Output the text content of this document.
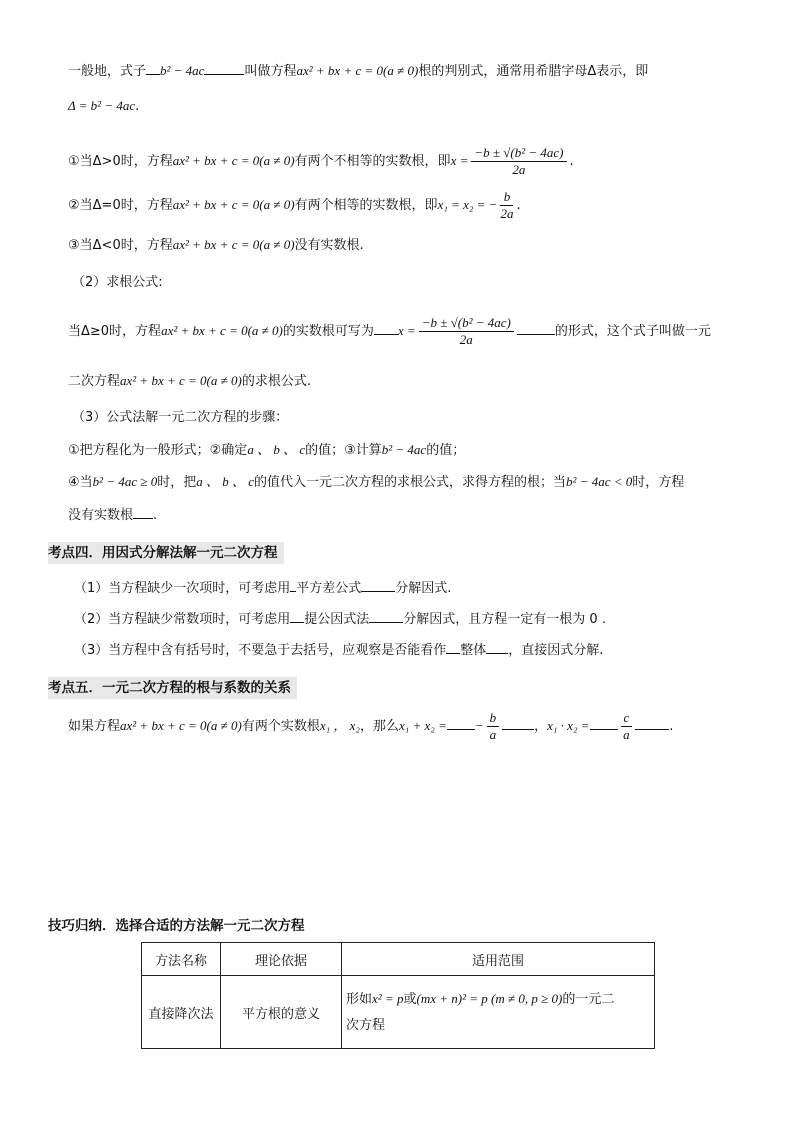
一般地，式子 b² − 4ac	叫做方程ax² + bx + c = 0(a ≠ 0)根的判别式，通常用希腊字母Δ表示，即
Δ = b² − 4ac.
①当Δ>0时，方程ax² + bx + c = 0(a ≠ 0)有两个不相等的实数根，即$x = \frac{\text{−b ± √(b² − 4ac)}}{2a}$ .
②当Δ=0时，方程ax² + bx + c = 0(a ≠ 0)有两个相等的实数根，即x₁ = x₂ = − $\frac{b}{2a}$ .
③当Δ<0时，方程ax² + bx + c = 0(a ≠ 0)没有实数根.
（2）求根公式:
当Δ≥0时，方程ax² + bx + c = 0(a ≠ 0)的实数根可写为 $x = \frac{\text{−b ± √(b² − 4ac)}}{2a}$	的形式，这个式子叫做一元
二次方程ax² + bx + c = 0(a ≠ 0)的求根公式.
（3）公式法解一元二次方程的步骤：
①把方程化为一般形式；②确定a 、 b 、 c的值；③计算b² − 4ac的值；
④当b² − 4ac ≥ 0时，把a 、 b 、 c的值代入一元二次方程的求根公式，求得方程的根；当b² − 4ac < 0时，方程
没有实数根 .
考点四．用因式分解法解一元二次方程
（1）当方程缺少一次项时，可考虑用 平方差公式	分解因式.
（2）当方程缺少常数项时，可考虑用 提公因式法	分解因式，且方程一定有一根为 0 .
（3）当方程中含有括号时，不要急于去括号，应观察是否能看作 整体 ，直接因式分解.
考点五．一元二次方程的根与系数的关系
如果方程ax² + bx + c = 0(a ≠ 0)有两个实数根x₁ ， x₂，那么x₁ + x₂ = − $\frac{b}{a}$	，$x_1 \cdot x_2 = \frac{c}{a}$	.
技巧归纳．选择合适的方法解一元二次方程
方法名称	理论依据	适用范围
直接降次法	平方根的意义	形如x² = p或(mx + n)² = p (m ≠ 0, p ≥ 0)的一元二
次方程
